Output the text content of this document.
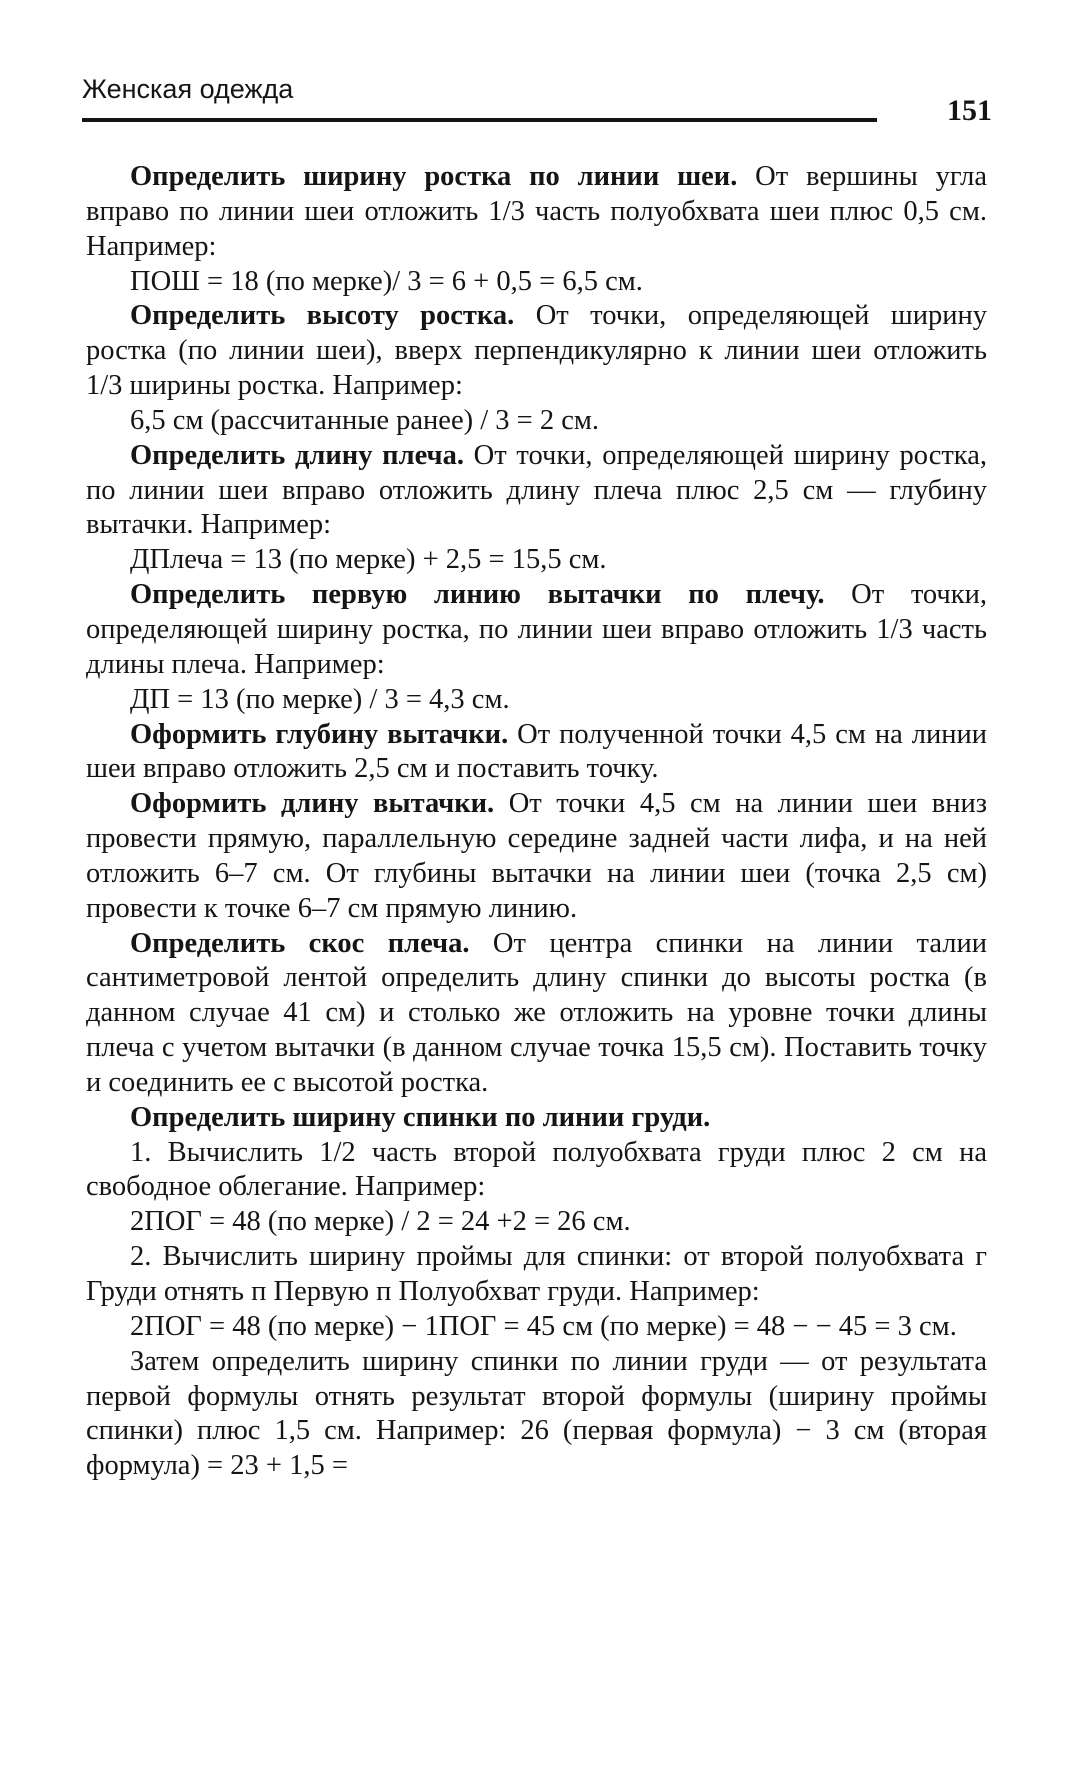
Женская одежда
151

Определить ширину ростка по линии шеи. От вершины угла вправо по линии шеи отложить 1/3 часть полуобхвата шеи плюс 0,5 см. Например:

ПОШ = 18 (по мерке)/ 3 = 6 + 0,5 = 6,5 см.

Определить высоту ростка. От точки, определяющей ширину ростка (по линии шеи), вверх перпендикулярно к линии шеи отложить 1/3 ширины ростка. Например:

6,5 см (рассчитанные ранее) / 3 = 2 см.

Определить длину плеча. От точки, определяющей ширину ростка, по линии шеи вправо отложить длину плеча плюс 2,5 см — глубину вытачки. Например:

ДПлеча = 13 (по мерке) + 2,5 = 15,5 см.

Определить первую линию вытачки по плечу. От точки, определяющей ширину ростка, по линии шеи вправо отложить 1/3 часть длины плеча. Например:

ДП = 13 (по мерке) / 3 = 4,3 см.

Оформить глубину вытачки. От полученной точки 4,5 см на линии шеи вправо отложить 2,5 см и поставить точку.

Оформить длину вытачки. От точки 4,5 см на линии шеи вниз провести прямую, параллельную середине задней части лифа, и на ней отложить 6–7 см. От глубины вытачки на линии шеи (точка 2,5 см) провести к точке 6–7 см прямую линию.

Определить скос плеча. От центра спинки на линии талии сантиметровой лентой определить длину спинки до высоты ростка (в данном случае 41 см) и столько же отложить на уровне точки длины плеча с учетом вытачки (в данном случае точка 15,5 см). Поставить точку и соединить ее с высотой ростка.

Определить ширину спинки по линии груди.

1. Вычислить 1/2 часть второй полуобхвата груди плюс 2 см на свободное облегание. Например:

2ПОГ = 48 (по мерке) / 2 = 24 +2 = 26 см.

2. Вычислить ширину проймы для спинки: от второй полуобхвата г Груди отнять п Первую п Полуобхват груди. Например:

2ПОГ = 48 (по мерке) − 1ПОГ = 45 см (по мерке) = 48 − − 45 = 3 см.

Затем определить ширину спинки по линии груди — от результата первой формулы отнять результат второй формулы (ширину проймы спинки) плюс 1,5 см. Например: 26 (первая формула) − 3 см (вторая формула) = 23 + 1,5 =
